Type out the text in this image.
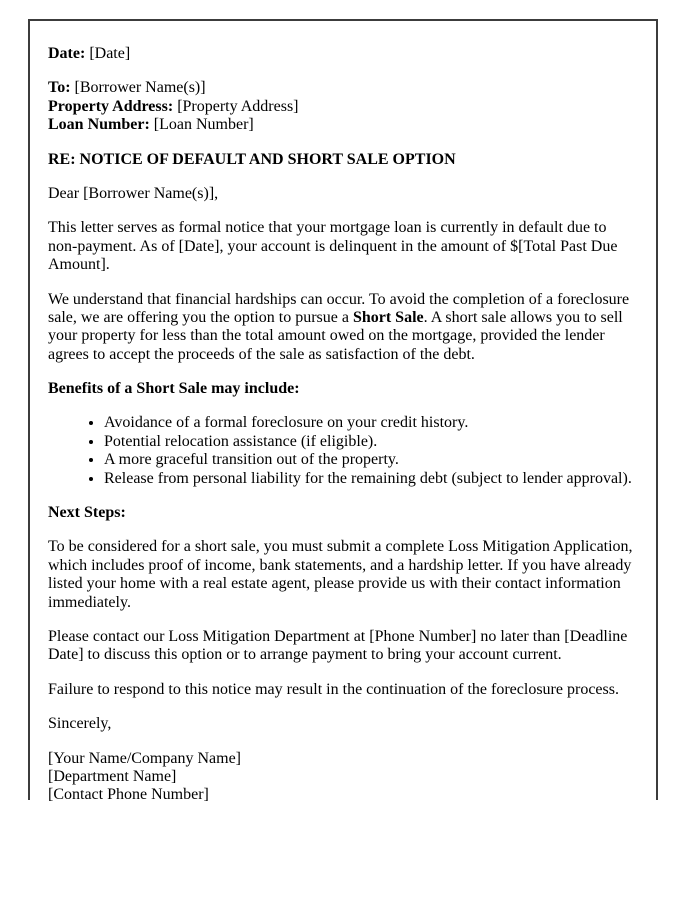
Date: [Date]

To: [Borrower Name(s)]
Property Address: [Property Address]
Loan Number: [Loan Number]

RE: NOTICE OF DEFAULT AND SHORT SALE OPTION

Dear [Borrower Name(s)],

This letter serves as formal notice that your mortgage loan is currently in default due to non-payment. As of [Date], your account is delinquent in the amount of $[Total Past Due Amount].

We understand that financial hardships can occur. To avoid the completion of a foreclosure sale, we are offering you the option to pursue a Short Sale. A short sale allows you to sell your property for less than the total amount owed on the mortgage, provided the lender agrees to accept the proceeds of the sale as satisfaction of the debt.

Benefits of a Short Sale may include:

• Avoidance of a formal foreclosure on your credit history.
• Potential relocation assistance (if eligible).
• A more graceful transition out of the property.
• Release from personal liability for the remaining debt (subject to lender approval).

Next Steps:

To be considered for a short sale, you must submit a complete Loss Mitigation Application, which includes proof of income, bank statements, and a hardship letter. If you have already listed your home with a real estate agent, please provide us with their contact information immediately.

Please contact our Loss Mitigation Department at [Phone Number] no later than [Deadline Date] to discuss this option or to arrange payment to bring your account current.

Failure to respond to this notice may result in the continuation of the foreclosure process.

Sincerely,

[Your Name/Company Name]
[Department Name]
[Contact Phone Number]
